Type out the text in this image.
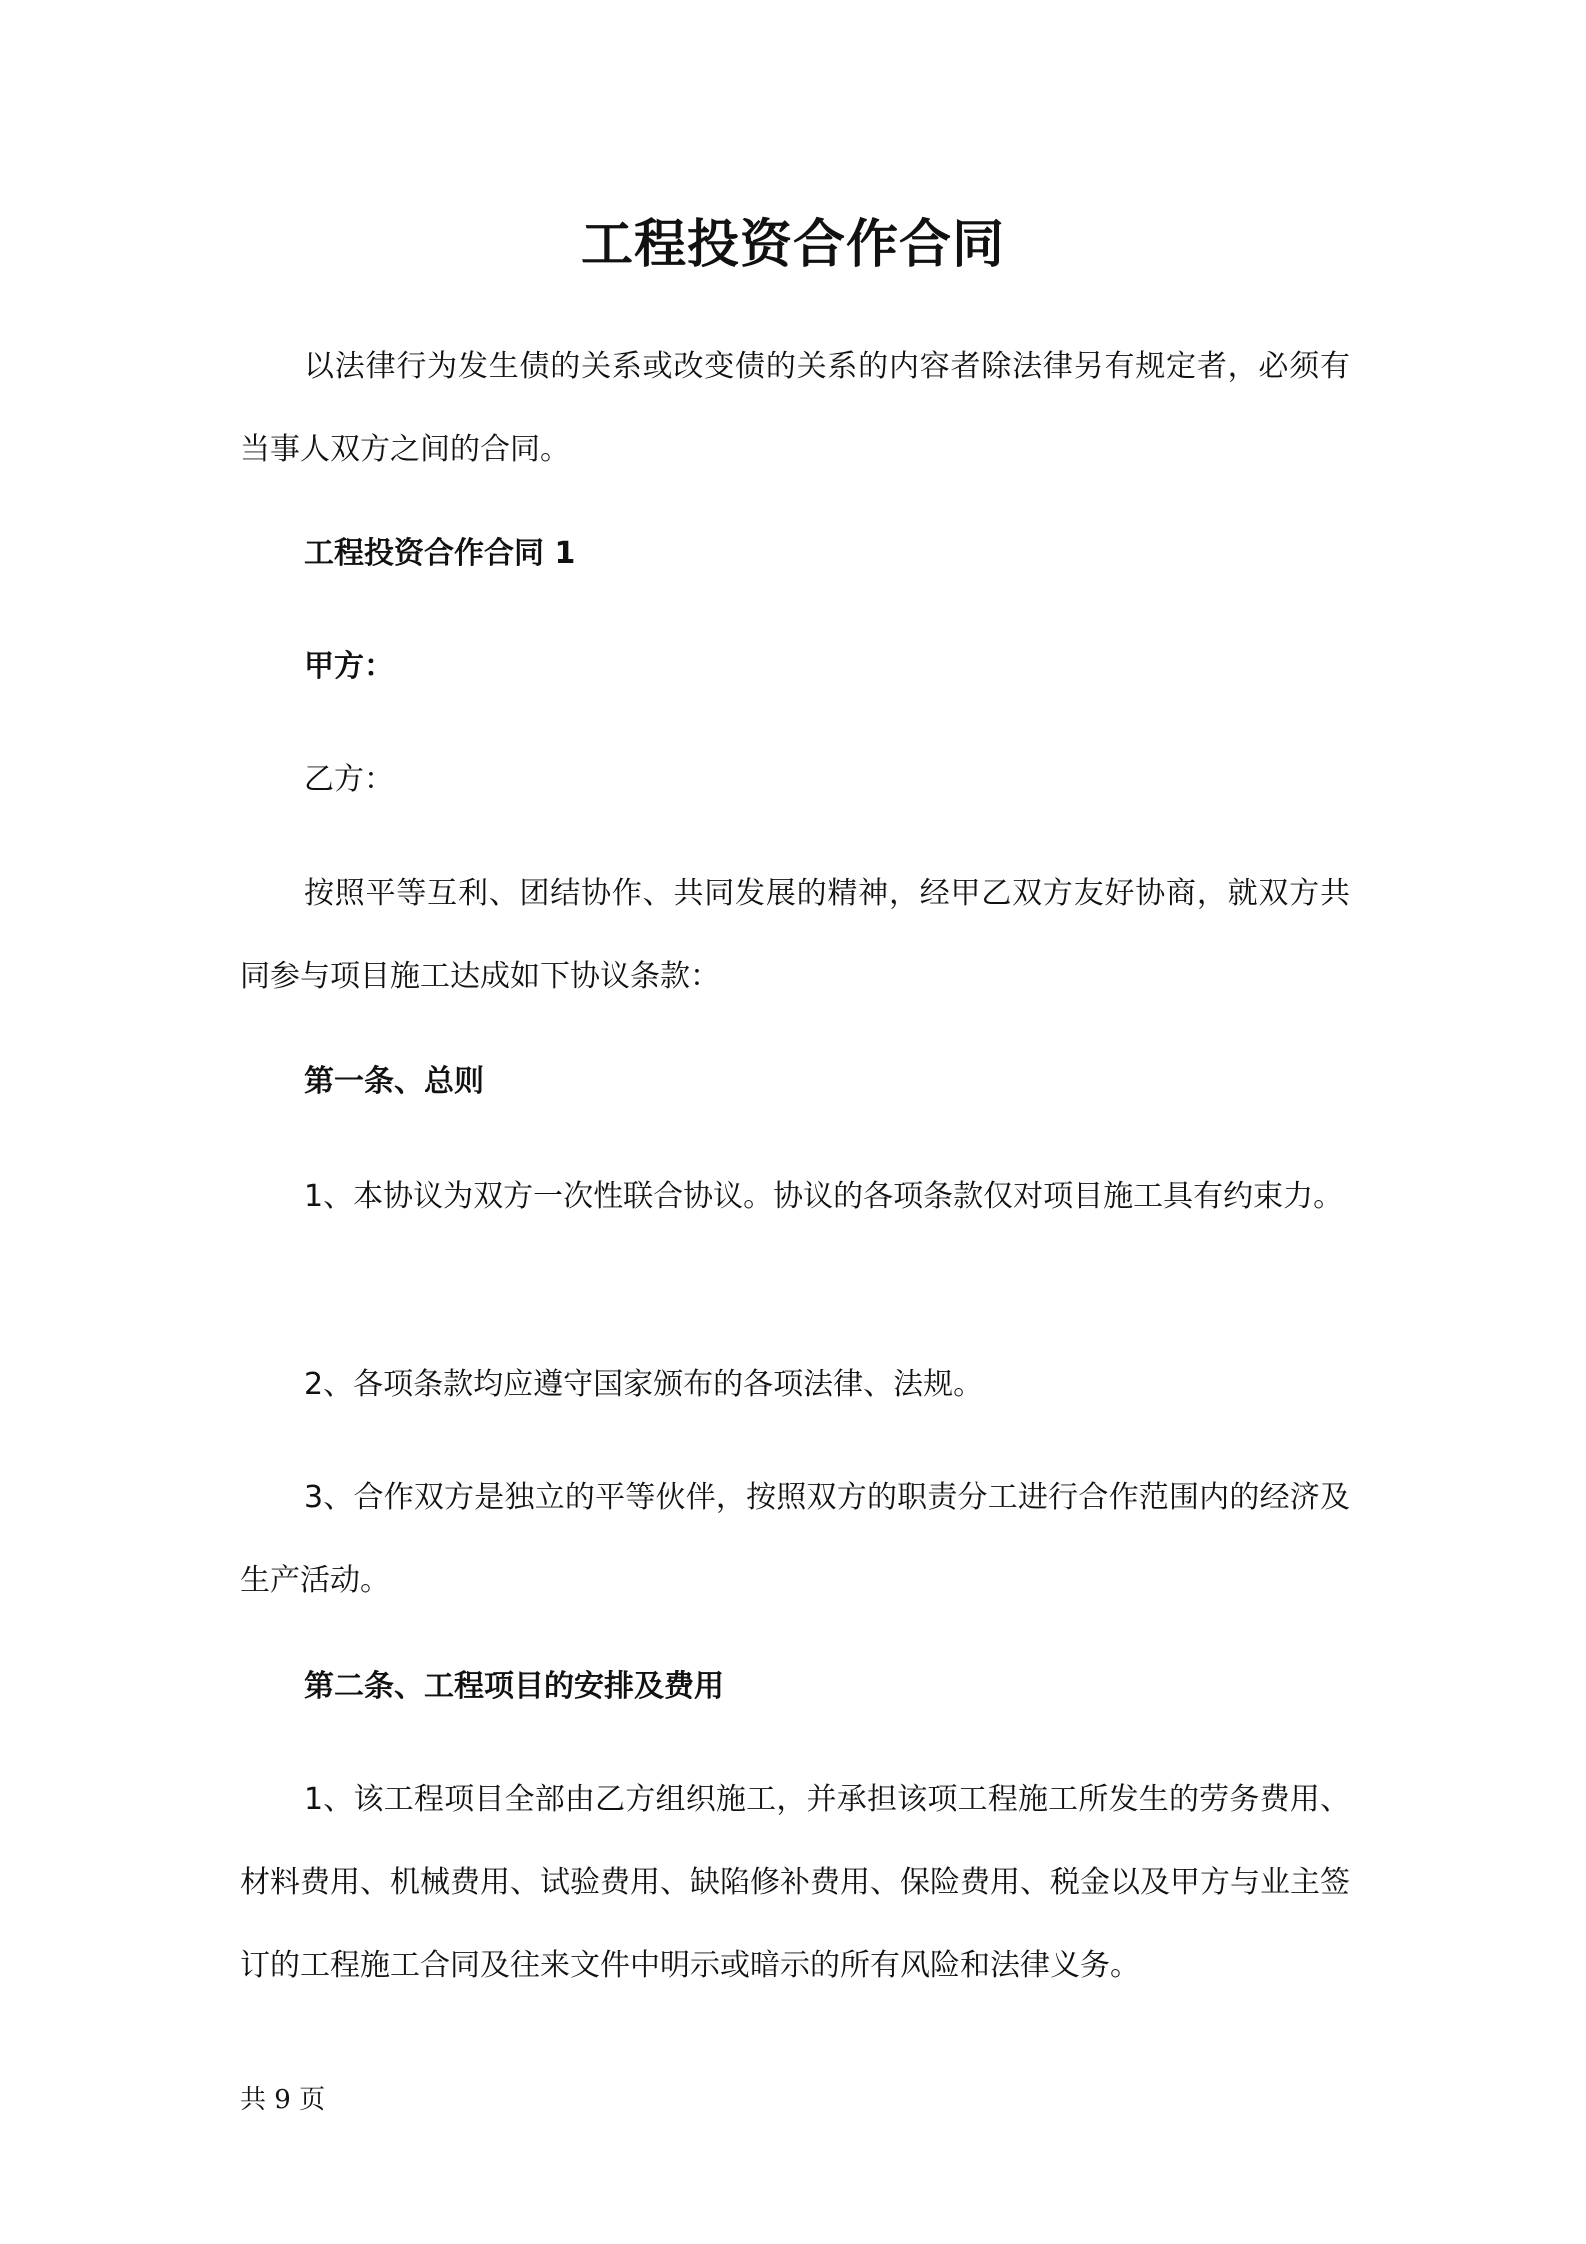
工程投资合作合同

以法律行为发生债的关系或改变债的关系的内容者除法律另有规定者，必须有当事人双方之间的合同。

工程投资合作合同 1

甲方：

乙方：

按照平等互利、团结协作、共同发展的精神，经甲乙双方友好协商，就双方共同参与项目施工达成如下协议条款：

第一条、总则

1、本协议为双方一次性联合协议。协议的各项条款仅对项目施工具有约束力。

2、各项条款均应遵守国家颁布的各项法律、法规。

3、合作双方是独立的平等伙伴，按照双方的职责分工进行合作范围内的经济及生产活动。

第二条、工程项目的安排及费用

1、该工程项目全部由乙方组织施工，并承担该项工程施工所发生的劳务费用、材料费用、机械费用、试验费用、缺陷修补费用、保险费用、税金以及甲方与业主签订的工程施工合同及往来文件中明示或暗示的所有风险和法律义务。

共 9 页
